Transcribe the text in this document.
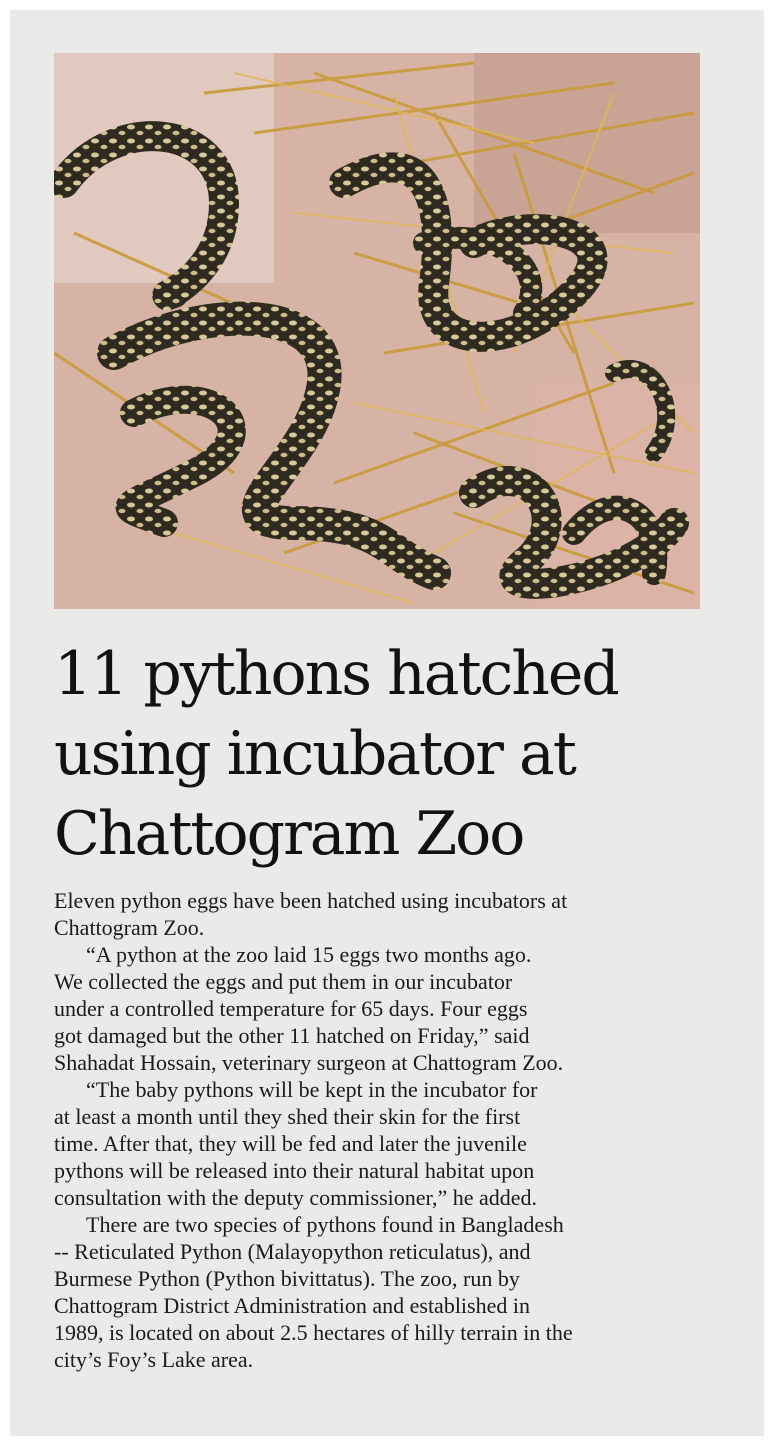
11 pythons hatched
using incubator at
Chattogram Zoo
Eleven python eggs have been hatched using incubators at
Chattogram Zoo.
“A python at the zoo laid 15 eggs two months ago.
We collected the eggs and put them in our incubator
under a controlled temperature for 65 days. Four eggs
got damaged but the other 11 hatched on Friday,” said
Shahadat Hossain, veterinary surgeon at Chattogram Zoo.
“The baby pythons will be kept in the incubator for
at least a month until they shed their skin for the first
time. After that, they will be fed and later the juvenile
pythons will be released into their natural habitat upon
consultation with the deputy commissioner,” he added.
There are two species of pythons found in Bangladesh
-- Reticulated Python (Malayopython reticulatus), and
Burmese Python (Python bivittatus). The zoo, run by
Chattogram District Administration and established in
1989, is located on about 2.5 hectares of hilly terrain in the
city’s Foy’s Lake area.
